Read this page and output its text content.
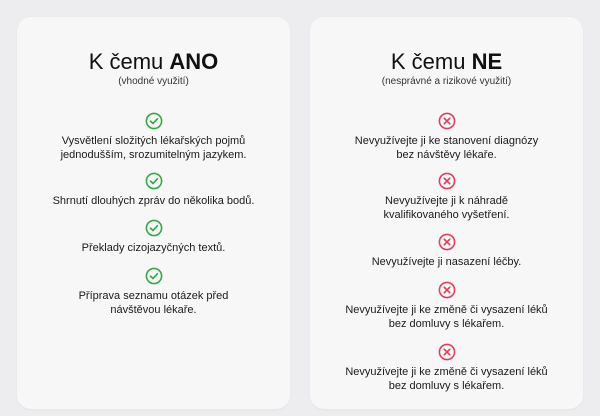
K čemu ANO
(vhodné využití)
Vysvětlení složitých lékařských pojmů
jednodušším, srozumitelným jazykem.
Shrnutí dlouhých zpráv do několika bodů.
Překlady cizojazyčných textů.
Příprava seznamu otázek před
návštěvou lékaře.
K čemu NE
(nesprávné a rizikové využití)
Nevyužívejte ji ke stanovení diagnózy
bez návštěvy lékaře.
Nevyužívejte ji k náhradě
kvalifikovaného vyšetření.
Nevyužívejte ji nasazení léčby.
Nevyužívejte ji ke změně či vysazení léků
bez domluvy s lékařem.
Nevyužívejte ji ke změně či vysazení léků
bez domluvy s lékařem.
